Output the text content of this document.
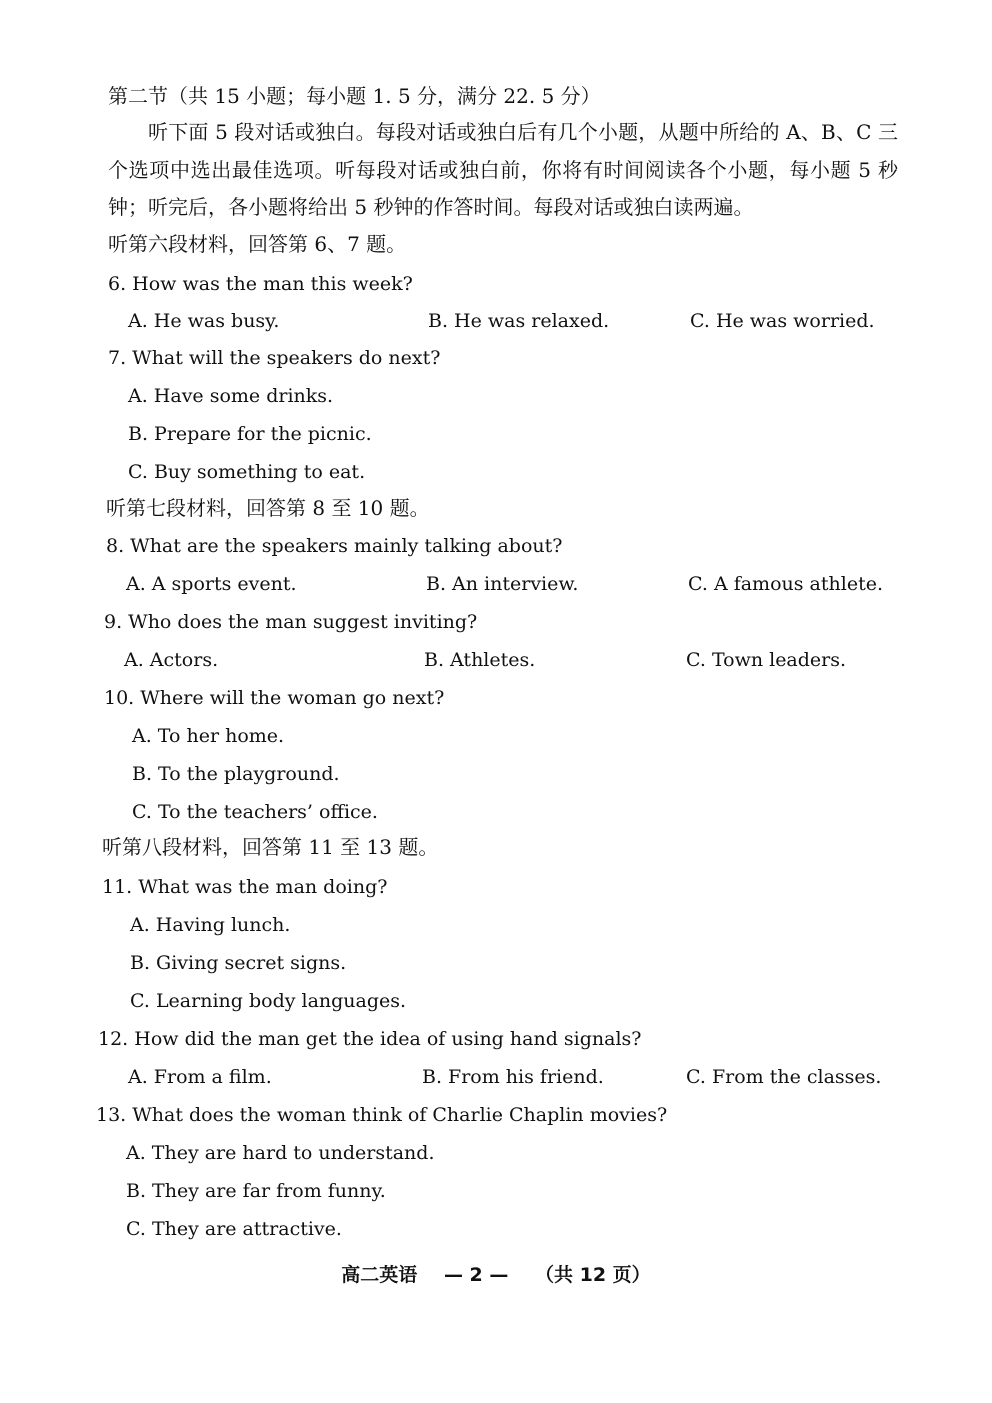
第二节（共 15 小题；每小题 1. 5 分，满分 22. 5 分）
听下面 5 段对话或独白。每段对话或独白后有几个小题，从题中所给的 A、B、C 三个选项中选出最佳选项。听每段对话或独白前，你将有时间阅读各个小题，每小题 5 秒钟；听完后，各小题将给出 5 秒钟的作答时间。每段对话或独白读两遍。
听第六段材料，回答第 6、7 题。
6. How was the man this week?
A. He was busy.	B. He was relaxed.	C. He was worried.
7. What will the speakers do next?
A. Have some drinks.
B. Prepare for the picnic.
C. Buy something to eat.
听第七段材料，回答第 8 至 10 题。
8. What are the speakers mainly talking about?
A. A sports event.	B. An interview.	C. A famous athlete.
9. Who does the man suggest inviting?
A. Actors.	B. Athletes.	C. Town leaders.
10. Where will the woman go next?
A. To her home.
B. To the playground.
C. To the teachers’ office.
听第八段材料，回答第 11 至 13 题。
11. What was the man doing?
A. Having lunch.
B. Giving secret signs.
C. Learning body languages.
12. How did the man get the idea of using hand signals?
A. From a film.	B. From his friend.	C. From the classes.
13. What does the woman think of Charlie Chaplin movies?
A. They are hard to understand.
B. They are far from funny.
C. They are attractive.
高二英语 — 2 — （共 12 页）
